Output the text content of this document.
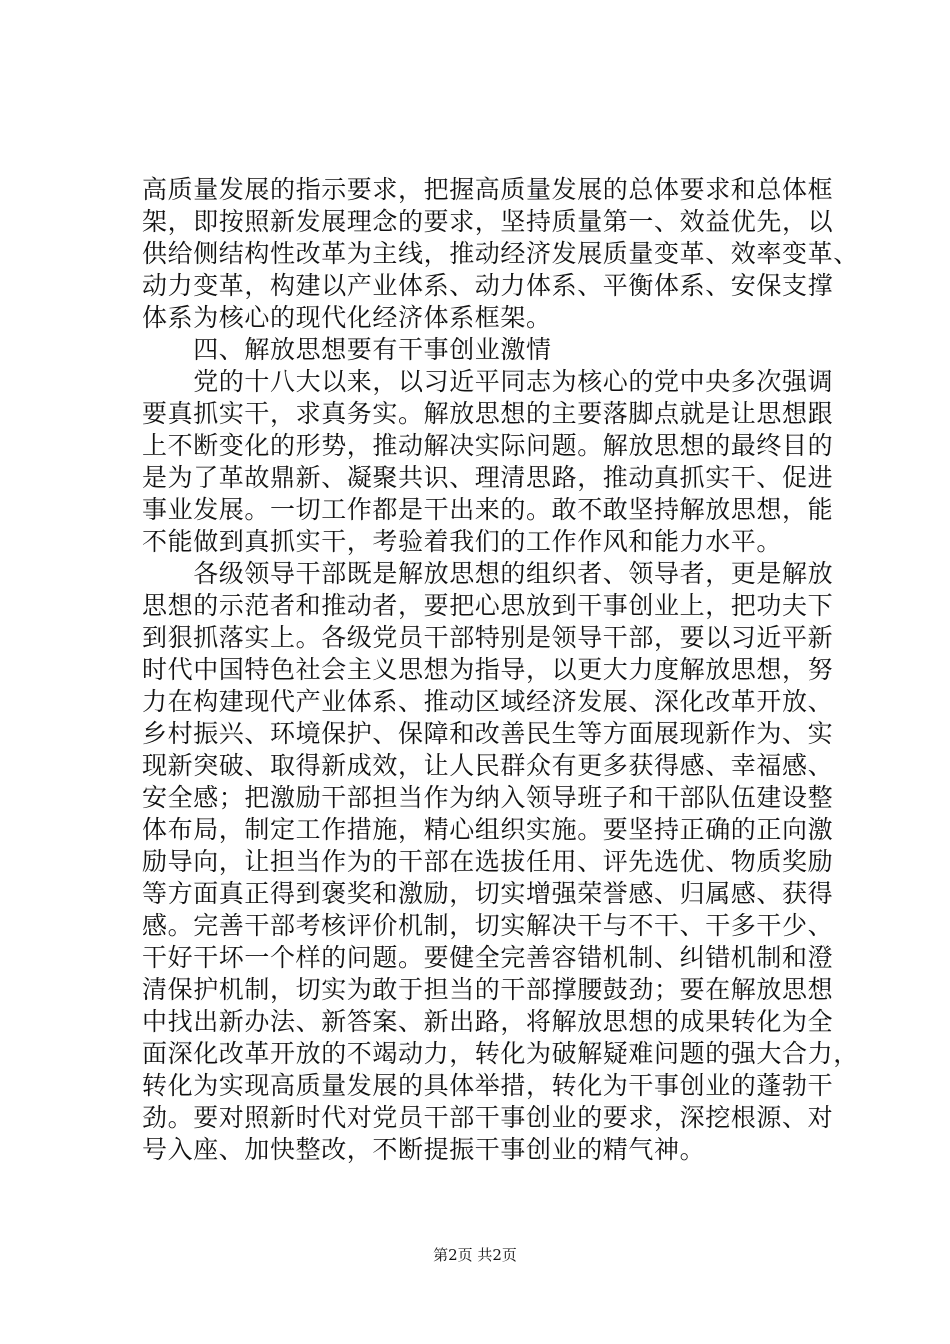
高质量发展的指示要求，把握高质量发展的总体要求和总体框
架，即按照新发展理念的要求，坚持质量第一、效益优先，以
供给侧结构性改革为主线，推动经济发展质量变革、效率变革、
动力变革，构建以产业体系、动力体系、平衡体系、安保支撑
体系为核心的现代化经济体系框架。
　　四、解放思想要有干事创业激情
　　党的十八大以来，以习近平同志为核心的党中央多次强调
要真抓实干，求真务实。解放思想的主要落脚点就是让思想跟
上不断变化的形势，推动解决实际问题。解放思想的最终目的
是为了革故鼎新、凝聚共识、理清思路，推动真抓实干、促进
事业发展。一切工作都是干出来的。敢不敢坚持解放思想，能
不能做到真抓实干，考验着我们的工作作风和能力水平。
　　各级领导干部既是解放思想的组织者、领导者，更是解放
思想的示范者和推动者，要把心思放到干事创业上，把功夫下
到狠抓落实上。各级党员干部特别是领导干部，要以习近平新
时代中国特色社会主义思想为指导，以更大力度解放思想，努
力在构建现代产业体系、推动区域经济发展、深化改革开放、
乡村振兴、环境保护、保障和改善民生等方面展现新作为、实
现新突破、取得新成效，让人民群众有更多获得感、幸福感、
安全感；把激励干部担当作为纳入领导班子和干部队伍建设整
体布局，制定工作措施，精心组织实施。要坚持正确的正向激
励导向，让担当作为的干部在选拔任用、评先选优、物质奖励
等方面真正得到褒奖和激励，切实增强荣誉感、归属感、获得
感。完善干部考核评价机制，切实解决干与不干、干多干少、
干好干坏一个样的问题。要健全完善容错机制、纠错机制和澄
清保护机制，切实为敢于担当的干部撑腰鼓劲；要在解放思想
中找出新办法、新答案、新出路，将解放思想的成果转化为全
面深化改革开放的不竭动力，转化为破解疑难问题的强大合力，
转化为实现高质量发展的具体举措，转化为干事创业的蓬勃干
劲。要对照新时代对党员干部干事创业的要求，深挖根源、对
号入座、加快整改，不断提振干事创业的精气神。
第2页 共2页
